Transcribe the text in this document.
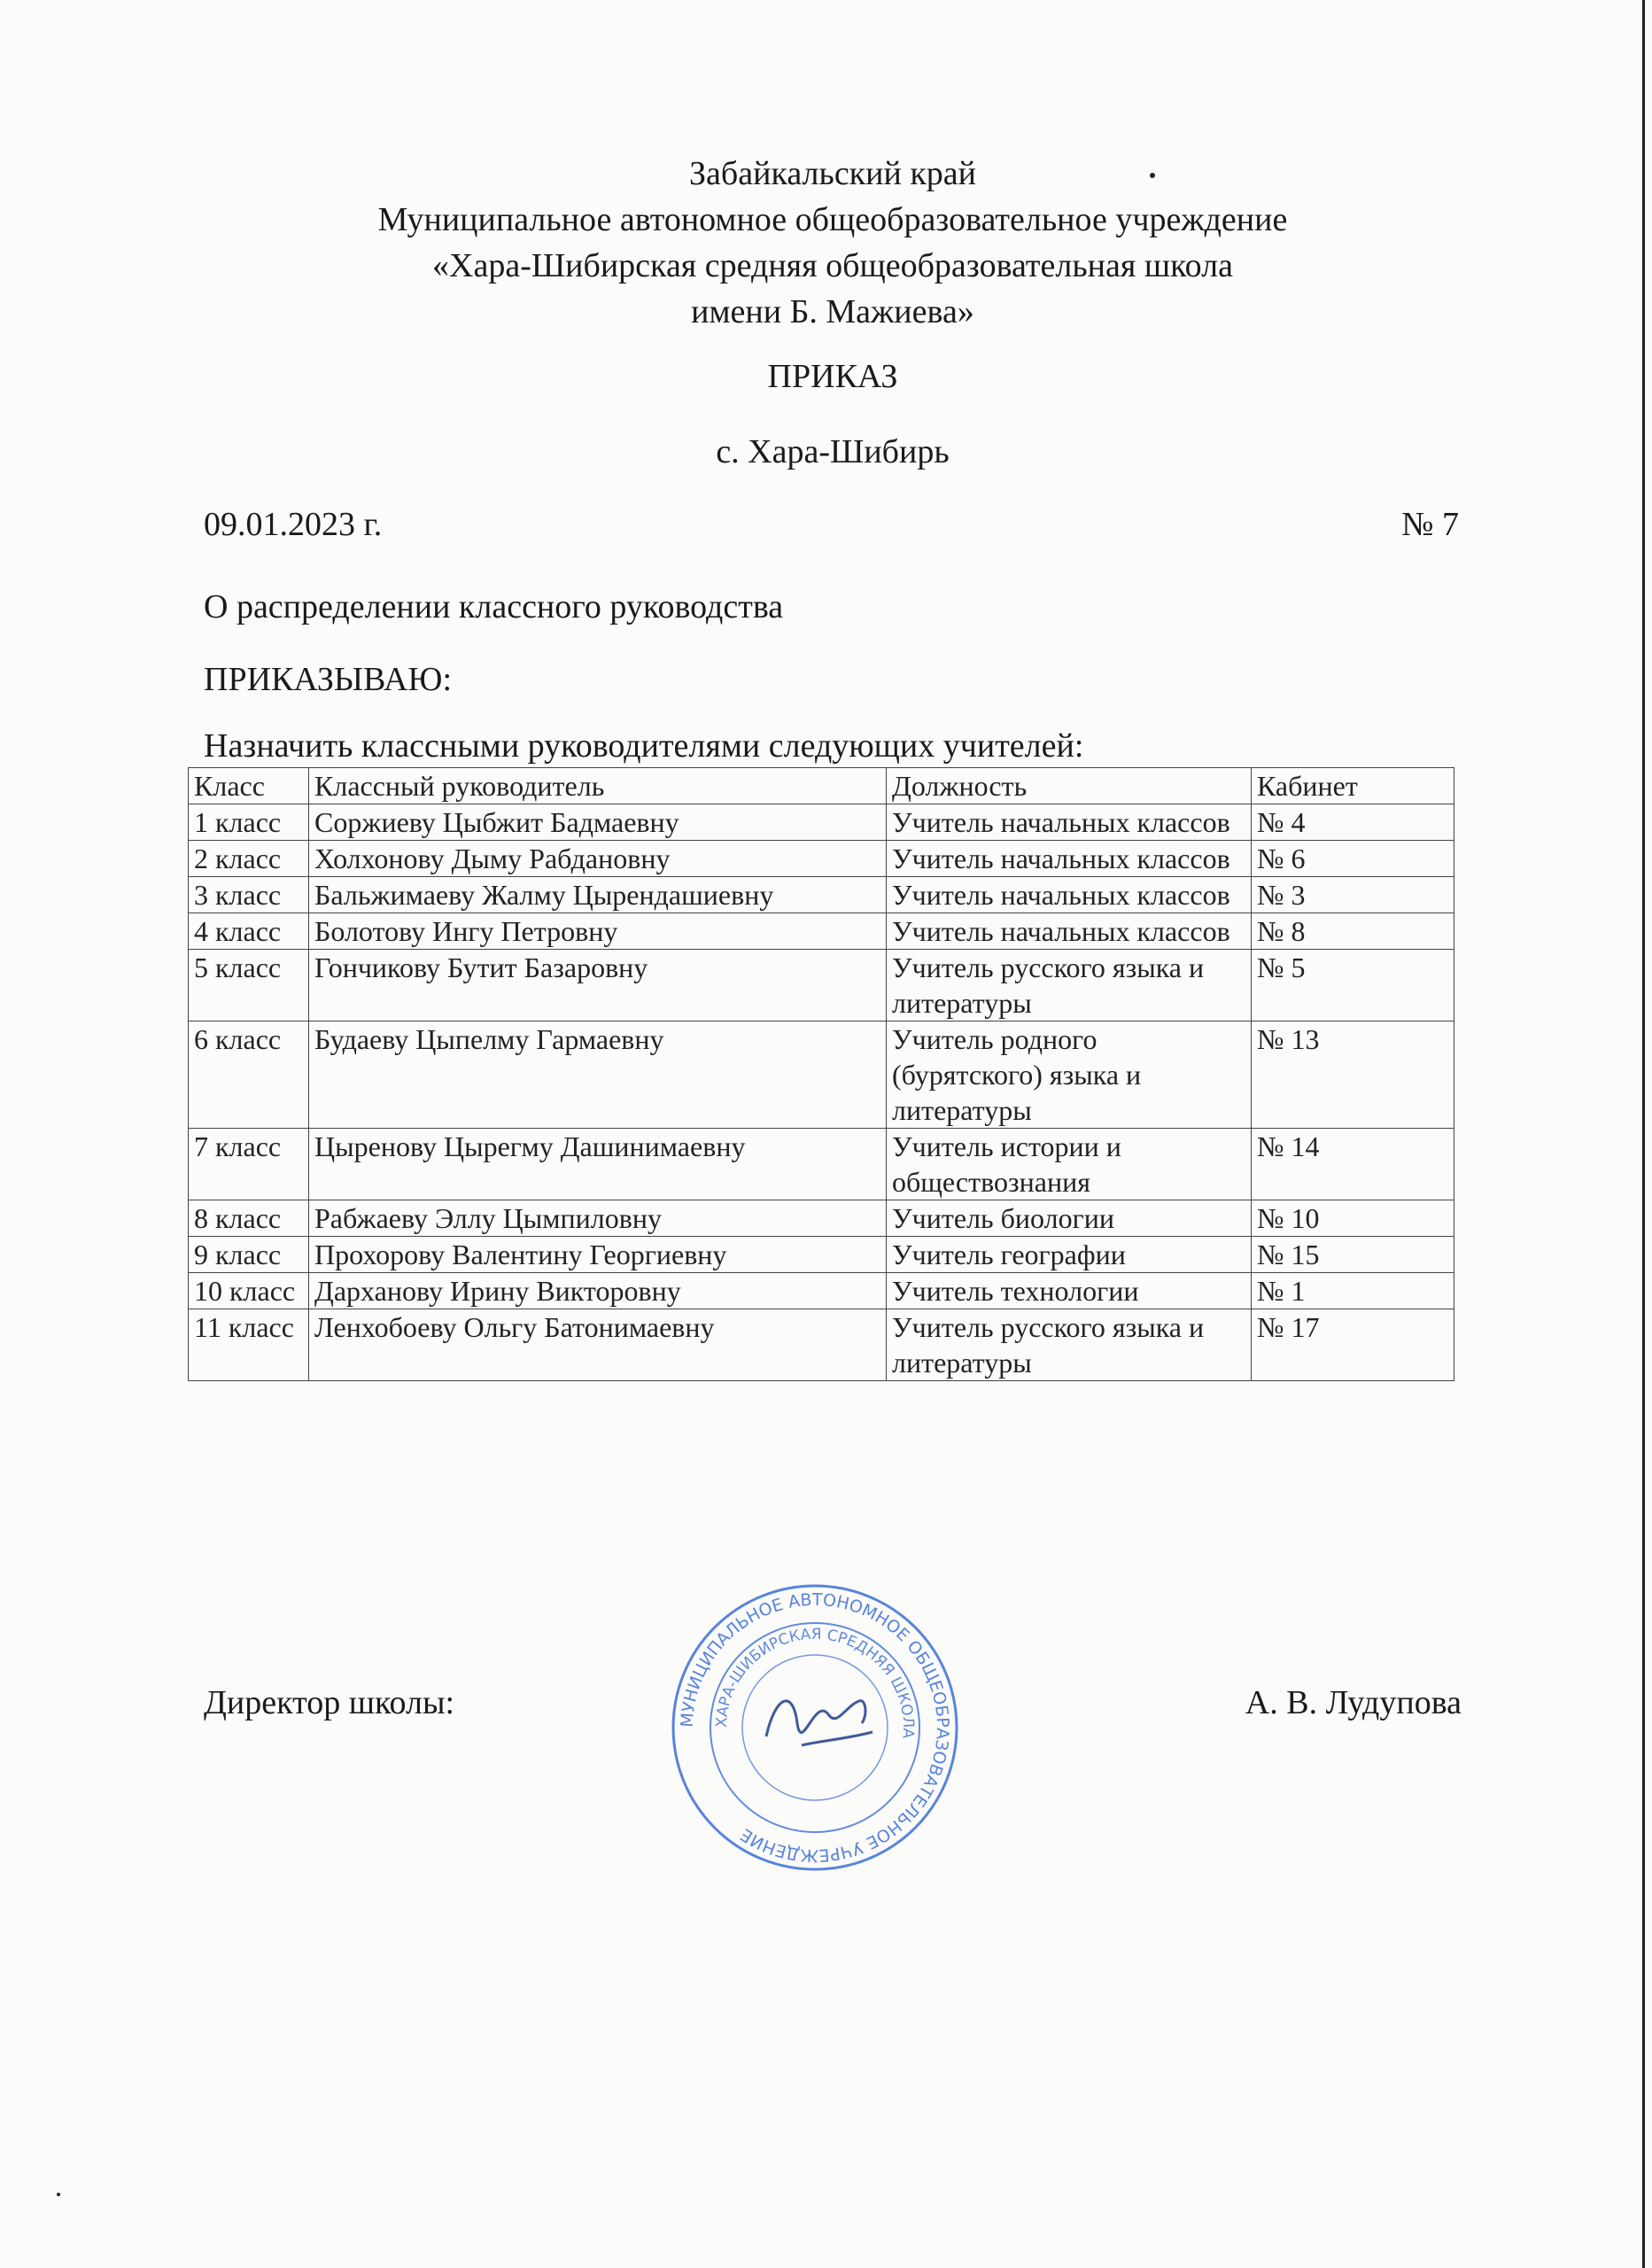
Забайкальский край
Муниципальное автономное общеобразовательное учреждение
«Хара-Шибирская средняя общеобразовательная школа
имени Б. Мажиева»
ПРИКАЗ
с. Хара-Шибирь
09.01.2023 г.	№ 7
О распределении классного руководства
ПРИКАЗЫВАЮ:
Назначить классными руководителями следующих учителей:
Класс	Классный руководитель	Должность	Кабинет
1 класс	Соржиеву Цыбжит Бадмаевну	Учитель начальных классов	№ 4
2 класс	Холхонову Дыму Рабдановну	Учитель начальных классов	№ 6
3 класс	Бальжимаеву Жалму Цырендашиевну	Учитель начальных классов	№ 3
4 класс	Болотову Ингу Петровну	Учитель начальных классов	№ 8
5 класс	Гончикову Бутит Базаровну	Учитель русского языка и литературы	№ 5
6 класс	Будаеву Цыпелму Гармаевну	Учитель родного (бурятского) языка и литературы	№ 13
7 класс	Цыренову Цырегму Дашинимаевну	Учитель истории и обществознания	№ 14
8 класс	Рабжаеву Эллу Цымпиловну	Учитель биологии	№ 10
9 класс	Прохорову Валентину Георгиевну	Учитель географии	№ 15
10 класс	Дарханову Ирину Викторовну	Учитель технологии	№ 1
11 класс	Ленхобоеву Ольгу Батонимаевну	Учитель русского языка и литературы	№ 17
Директор школы:	А. В. Лудупова
МУНИЦИПАЛЬНОЕ АВТОНОМНОЕ ОБЩЕОБРАЗОВАТЕЛЬНОЕ УЧРЕЖДЕНИЕ
ХАРА-ШИБИРСКАЯ СРЕДНЯЯ ШКОЛА
